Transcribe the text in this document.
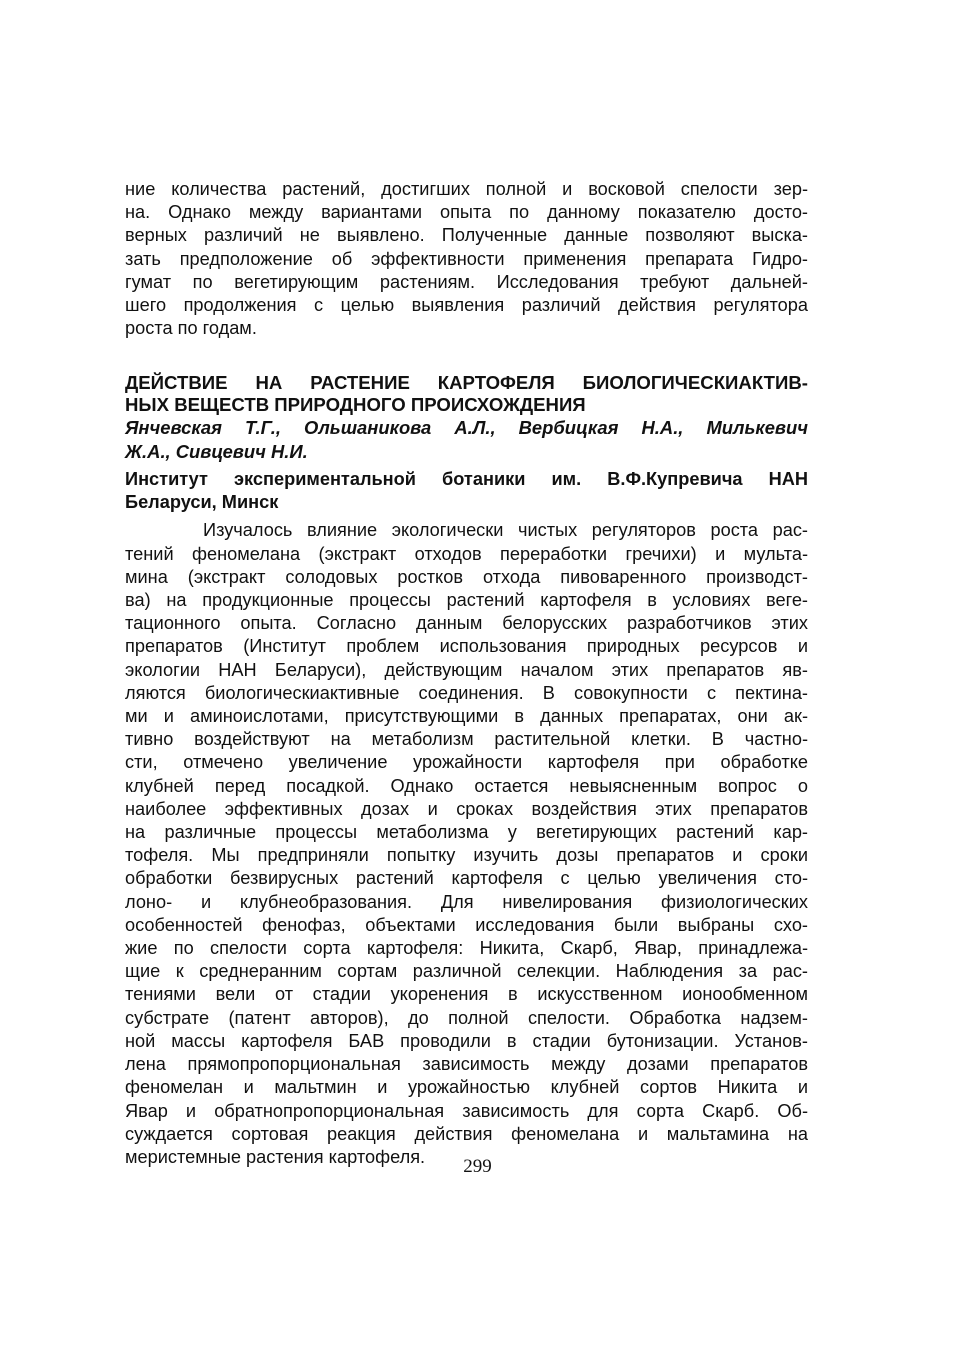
ние количества растений, достигших полной и восковой спелости зер-
на. Однако между вариантами опыта по данному показателю досто-
верных различий не выявлено. Полученные данные позволяют выска-
зать предположение об эффективности применения препарата Гидро-
гумат по вегетирующим растениям. Исследования требуют дальней-
шего продолжения с целью выявления различий действия регулятора
роста по годам.
ДЕЙСТВИЕ НА РАСТЕНИЕ КАРТОФЕЛЯ БИОЛОГИЧЕСКИАКТИВ-
НЫХ ВЕЩЕСТВ ПРИРОДНОГО ПРОИСХОЖДЕНИЯ
Янчевская Т.Г., Ольшаникова А.Л., Вербицкая Н.А., Милькевич
Ж.А., Сивцевич Н.И.
Институт экспериментальной ботаники им. В.Ф.Купревича НАН
Беларуси, Минск
Изучалось влияние экологически чистых регуляторов роста рас-
тений феномелана (экстракт отходов переработки гречихи) и мульта-
мина (экстракт солодовых ростков отхода пивоваренного производст-
ва) на продукционные процессы растений картофеля в условиях веге-
тационного опыта. Согласно данным белорусских разработчиков этих
препаратов (Институт проблем использования природных ресурсов и
экологии НАН Беларуси), действующим началом этих препаратов яв-
ляются биологическиактивные соединения. В совокупности с пектина-
ми и аминоислотами, присутствующими в данных препаратах, они ак-
тивно воздействуют на метаболизм растительной клетки. В частно-
сти, отмечено увеличение урожайности картофеля при обработке
клубней перед посадкой. Однако остается невыясненным вопрос о
наиболее эффективных дозах и сроках воздействия этих препаратов
на различные процессы метаболизма у вегетирующих растений кар-
тофеля. Мы предприняли попытку изучить дозы препаратов и сроки
обработки безвирусных растений картофеля с целью увеличения сто-
лоно- и клубнеобразования. Для нивелирования физиологических
особенностей фенофаз, объектами исследования были выбраны схо-
жие по спелости сорта картофеля: Никита, Скарб, Явар, принадлежа-
щие к среднеранним сортам различной селекции. Наблюдения за рас-
тениями вели от стадии укоренения в искусственном ионообменном
субстрате (патент авторов), до полной спелости. Обработка надзем-
ной массы картофеля БАВ проводили в стадии бутонизации. Установ-
лена прямопропорциональная зависимость между дозами препаратов
феномелан и мальтмин и урожайностью клубней сортов Никита и
Явар и обратнопропорциональная зависимость для сорта Скарб. Об-
суждается сортовая реакция действия феномелана и мальтамина на
меристемные растения картофеля.	299
